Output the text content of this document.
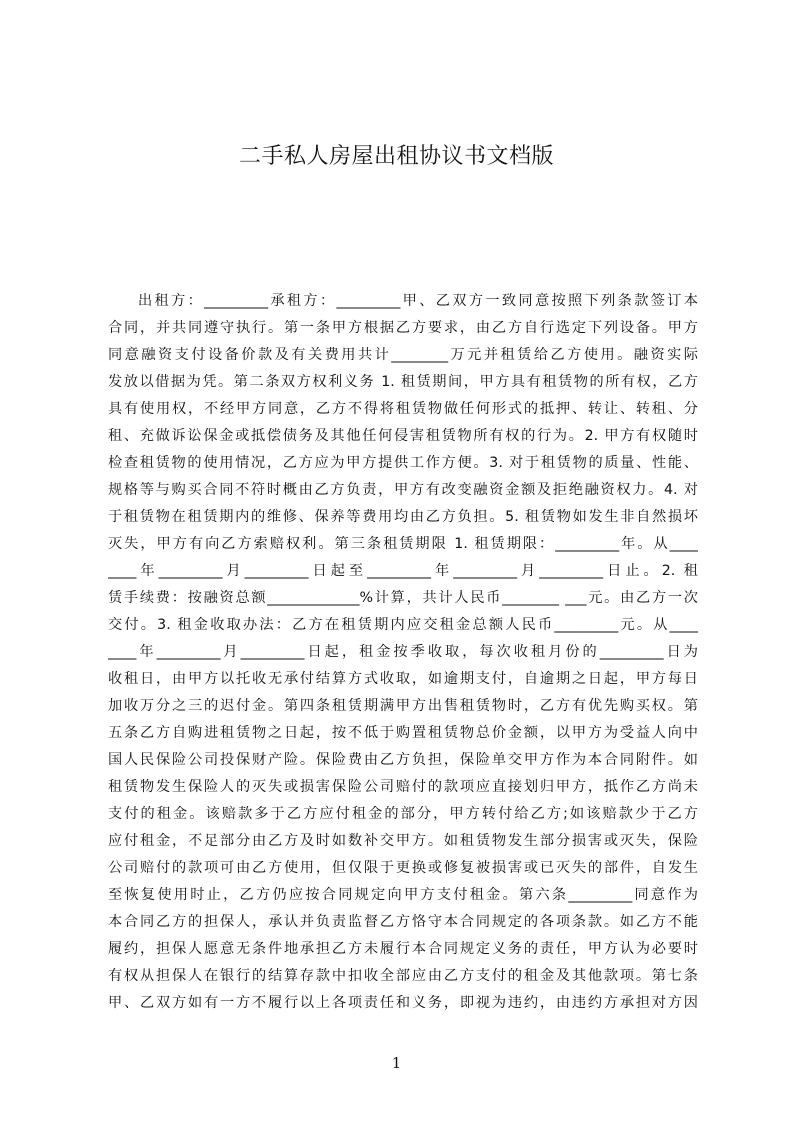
二手私人房屋出租协议书文档版
出租方：_________承租方：_________甲、乙双方一致同意按照下列条款签订本
合同，并共同遵守执行。第一条甲方根据乙方要求，由乙方自行选定下列设备。甲方
同意融资支付设备价款及有关费用共计________万元并租赁给乙方使用。融资实际
发放以借据为凭。第二条双方权利义务 1. 租赁期间，甲方具有租赁物的所有权，乙方
具有使用权，不经甲方同意，乙方不得将租赁物做任何形式的抵押、转让、转租、分
租、充做诉讼保金或抵偿债务及其他任何侵害租赁物所有权的行为。2. 甲方有权随时
检查租赁物的使用情况，乙方应为甲方提供工作方便。3. 对于租赁物的质量、性能、
规格等与购买合同不符时概由乙方负责，甲方有改变融资金额及拒绝融资权力。4. 对
于租赁物在租赁期内的维修、保养等费用均由乙方负担。5. 租赁物如发生非自然损坏
灭失，甲方有向乙方索赔权利。第三条租赁期限 1. 租赁期限：_________年。从____
____年_________月_________日起至_________年_________月_________日止。2. 租
赁手续费：按融资总额_____________%计算，共计人民币________ ___元。由乙方一次
交付。3. 租金收取办法：乙方在租赁期内应交租金总额人民币_________元。从____
____年_________月_________日起，租金按季收取，每次收租月份的_________日为
收租日，由甲方以托收无承付结算方式收取，如逾期支付，自逾期之日起，甲方每日
加收万分之三的迟付金。第四条租赁期满甲方出售租赁物时，乙方有优先购买权。第
五条乙方自购进租赁物之日起，按不低于购置租赁物总价金额，以甲方为受益人向中
国人民保险公司投保财产险。保险费由乙方负担，保险单交甲方作为本合同附件。如
租赁物发生保险人的灭失或损害保险公司赔付的款项应直接划归甲方，抵作乙方尚未
支付的租金。该赔款多于乙方应付租金的部分，甲方转付给乙方;如该赔款少于乙方
应付租金，不足部分由乙方及时如数补交甲方。如租赁物发生部分损害或灭失，保险
公司赔付的款项可由乙方使用，但仅限于更换或修复被损害或已灭失的部件，自发生
至恢复使用时止，乙方仍应按合同规定向甲方支付租金。第六条_________同意作为
本合同乙方的担保人，承认并负责监督乙方恪守本合同规定的各项条款。如乙方不能
履约，担保人愿意无条件地承担乙方未履行本合同规定义务的责任，甲方认为必要时
有权从担保人在银行的结算存款中扣收全部应由乙方支付的租金及其他款项。第七条
甲、乙双方如有一方不履行以上各项责任和义务，即视为违约，由违约方承担对方因
1
